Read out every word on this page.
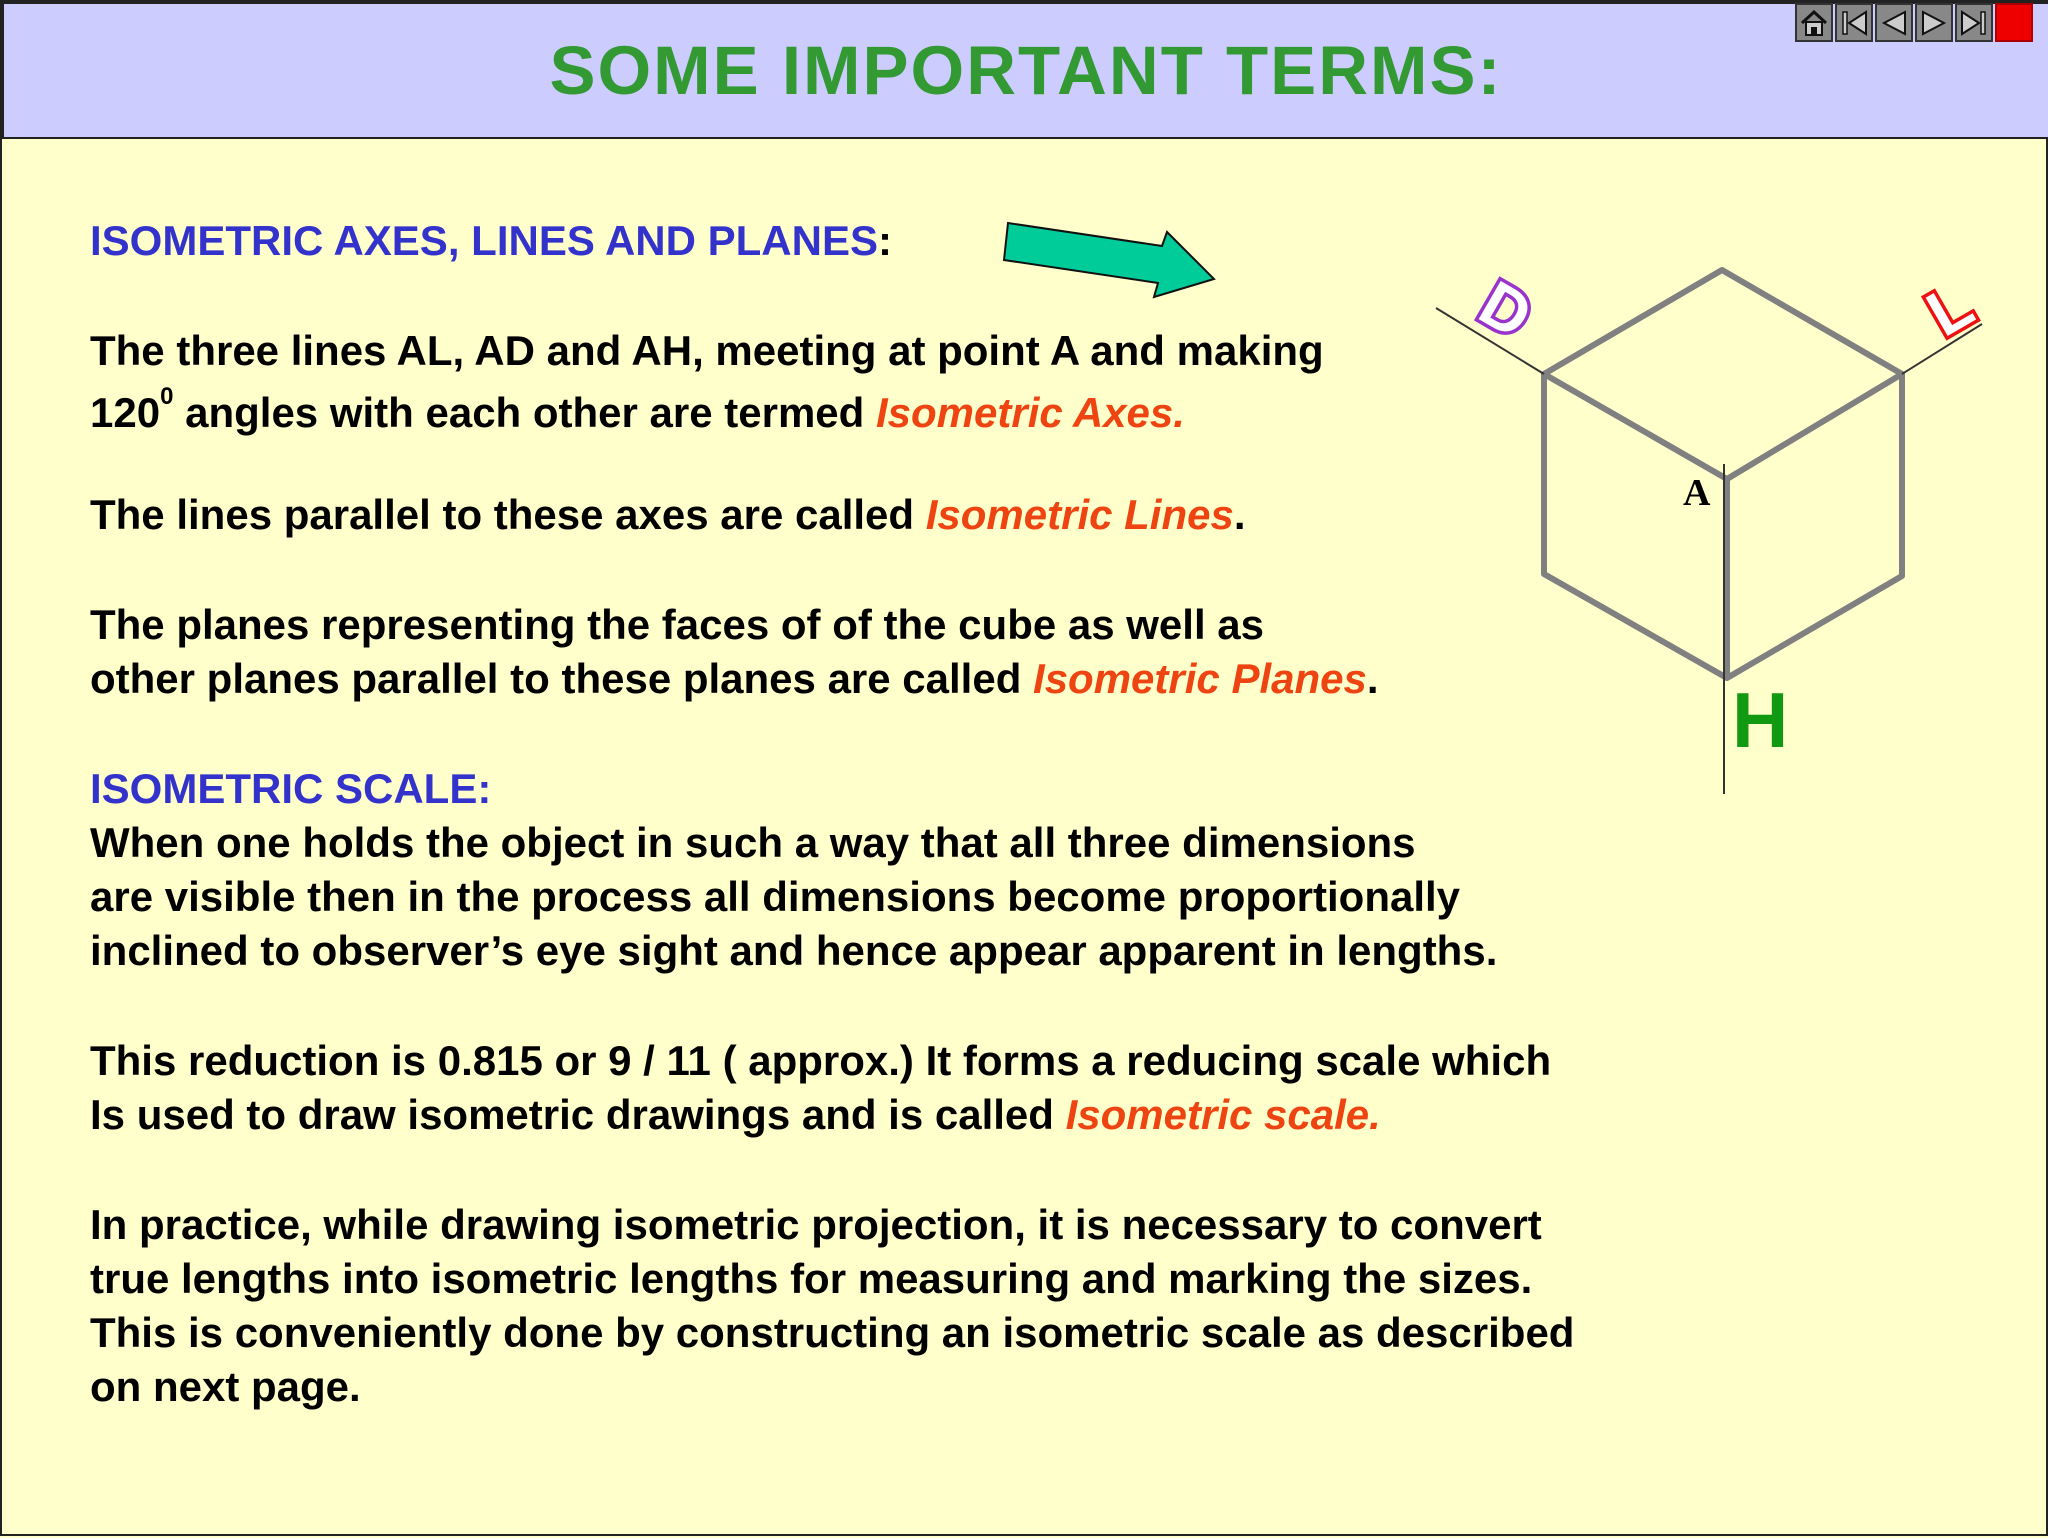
SOME IMPORTANT TERMS:
ISOMETRIC AXES, LINES AND PLANES:
The three lines AL, AD and AH, meeting at point A and making
$120^0$ angles with each other are termed Isometric Axes.
The lines parallel to these axes are called Isometric Lines.
The planes representing the faces of of the cube as well as
other planes parallel to these planes are called Isometric Planes.
ISOMETRIC SCALE:
When one holds the object in such a way that all three dimensions
are visible then in the process all dimensions become proportionally
inclined to observer’s eye sight and hence appear apparent in lengths.
This reduction is 0.815 or 9 / 11 ( approx.) It forms a reducing scale which
Is used to draw isometric drawings and is called Isometric scale.
In practice, while drawing isometric projection, it is necessary to convert
true lengths into isometric lengths for measuring and marking the sizes.
This is conveniently done by constructing an isometric scale as described
on next page.
A
D	L
H
